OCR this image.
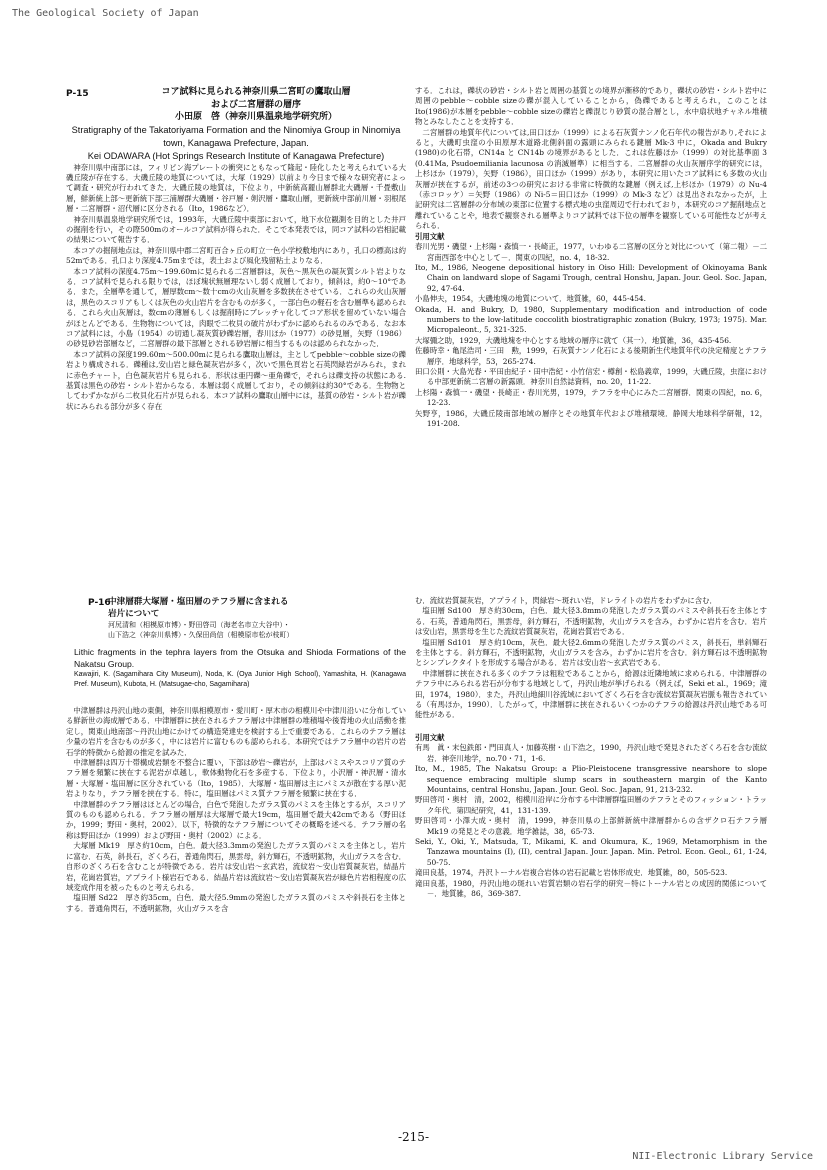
The Geological Society of Japan
P-15	コア試料に見られる神奈川県二宮町の鷹取山層
および二宮層群の層序
小田原　啓（神奈川県温泉地学研究所）
Stratigraphy of the Takatoriyama Formation and the Ninomiya Group in Ninomiya town, Kanagawa Prefecture, Japan.
Kei ODAWARA (Hot Springs Research Institute of Kanagawa Prefecture)

神奈川県中南部には，フィリピン海プレートの衝突にともなって隆起・陸化したと考えられている大磯丘陵が存在する．大磯丘陵の地質については，大塚（1929）以前より今日まで様々な研究者によって調査・研究が行われてきた．大磯丘陵の地質は，下位より，中新統高麗山層群北大磯層・千畳敷山層，鮮新統上部〜更新統下部三浦層群大磯層・谷戸層・剣沢層・鷹取山層，更新統中部前川層・羽根尾層・二宮層群・沼代層に区分される（Ito，1986など）．

神奈川県温泉地学研究所では，1993年，大磯丘陵中東部において，地下水位観測を目的とした井戸の掘削を行い，その際500mのオールコア試料が得られた．そこで本発表では，同コア試料の岩相記載の結果について報告する．

本コアの掘削地点は，神奈川県中郡二宮町百合ヶ丘の町立一色小学校敷地内にあり，孔口の標高は約52mである．孔口より深度4.75mまでは，表土および風化残留粘土よりなる．

本コア試料の深度4.75m〜199.60mに見られる二宮層群は，灰色〜黒灰色の凝灰質シルト岩よりなる．コア試料で見られる限りでは，ほぼ塊状無層理ないし弱く成層しており，傾斜は，約0〜10°である．また，全層準を通して，層厚数cm〜数十cmの火山灰層を多数狭在させている．これらの火山灰層は，黒色のスコリアもしくは灰色の火山岩片を含むものが多く，一部白色の軽石を含む層準も認められる．これら火山灰層は，数cmの薄層もしくは掘削時にブレッチャ化してコア形状を留めていない場合がほとんどである．生物物については，肉眼で二枚貝の破片がわずかに認められるのみである．なお本コア試料には，小島（1954）の切通し凝灰質砂礫岩層，春川ほか（1977）の砂見層，矢野（1986）の砂見砂岩部層など，二宮層群の最下部層とされる砂岩層に相当するものは認められなかった．

本コア試料の深度199.60m〜500.00mに見られる鷹取山層は，主としてpebble〜cobble sizeの礫岩より構成される．礫種は,安山岩と緑色凝灰岩が多く，次いで黒色頁岩と石英閃緑岩がみられ，まれに赤色チャート，白色凝灰岩片も見られる．形状は亜円礫〜亜角礫で，それらは礫支持の状態にある.基質は黒色の砂岩・シルト岩からなる．本層は弱く成層しており，その傾斜は約30°である．生物物としてわずかながら二枚貝化石片が見られる．本コア試料の鷹取山層中には，基質の砂岩・シルト岩が礫状にみられる部分が多く存在

する．これは，礫状の砂岩・シルト岩と周囲の基質との境界が漸移的であり，礫状の砂岩・シルト岩中に周囲のpebble〜cobble sizeの礫が混入していることから，偽礫であると考えられ，このことはIto(1986)が本層をpebble〜cobble sizeの礫岩と礫混じり砂質の混合層とし，水中扇状地チャネル堆積物とみなしたことを支持する．

二宮層群の地質年代については,田口ほか（1999）による石灰質ナンノ化石年代の報告があり,それによると，大磯町虫窪の小田原厚木道路北側斜面の露頭にみられる鍵層 Mk-3 中に，Okada and Bukry (1980)の化石帯，CN14a と CN14b の境界があるとした．これは佐藤ほか（1999）の対比基準面 3 (0.41Ma, Psudoemiliania lacunosa の消滅層準）に相当する．二宮層群の火山灰層序学的研究には，上杉ほか（1979），矢野（1986），田口ほか（1999）があり，本研究に用いたコア試料にも多数の火山灰層が挟在するが，前述の3つの研究における非常に特徴的な鍵層（例えば,上杉ほか（1979）の Nu-4（赤コロッケ）＝矢野（1986）の Ni-5＝田口ほか（1999）の Mk-3 など）は見出されなかったが，上記研究は二宮層群の分布域の東部に位置する標式地の虫窪周辺で行われており，本研究のコア掘削地点と離れていることや，地表で観察される層準よりコア試料では下位の層準を観察している可能性などが考えられる．

引用文献
春川光男・磯望・上杉陽・森慎一・長崎正，1977，いわゆる二宮層の区分と対比について（第二報）－二宮南西部を中心として－．関東の四紀，no. 4，18-32.
Ito, M., 1986, Neogene depositional history in Oiso Hill: Development of Okinoyama Bank Chain on landward slope of Sagami Trough, central Honshu, Japan. Jour. Geol. Soc. Japan, 92, 47-64.
小島伸夫，1954，大磯地塊の地質について．地質雑，60，445-454.
Okada, H. and Bukry, D, 1980, Supplementary modification and introduction of code numbers to the low-latitude coccolith biostratigraphic zonation (Bukry, 1973; 1975). Mar. Micropaleont., 5, 321-325.
大塚彌之助，1929，大磯地塊を中心とする地域の層序に就て（其一）．地質雑，36，435-456.
佐藤時幸・亀尾浩司・三田　勲，1999，石灰質ナンノ化石による後期新生代地質年代の決定精度とテフラ層序．地球科学，53，265-274.
田口公則・大島光春・平田由紀子・田中浩紀・小竹信宏・樽創・松島義章，1999，大磯丘陵，虫窪における中部更新統二宮層の新露頭．神奈川自然誌資料，no. 20，11-22.
上杉陽・森慎一・磯望・長崎正・春川光男，1979，テフラを中心にみた二宮層群．関東の四紀，no. 6，12-23.
矢野亨，1986，大磯丘陵南部地域の層序とその地質年代および堆積環境．静岡大地球科学研報，12，191-208.
P-16
中津層群大塚層・塩田層のテフラ層に含まれる
岩片について
河尻清和（相模原市博）・野田啓司（海老名市立大谷中）・
山下浩之（神奈川県博）・久保田尚信（相模原市松が枝町）
Lithic fragments in the tephra layers from the Otsuka and Shioda Formations of the Nakatsu Group.
Kawajiri, K. (Sagamihara City Museum), Noda, K. (Oya Junior High School), Yamashita, H. (Kanagawa Pref. Museum), Kubota, H. (Matsugae-cho, Sagamihara)

中津層群は丹沢山地の東側，神奈川県相模原市・愛川町・厚木市の相模川や中津川沿いに分布している鮮新世の海成層である．中津層群に挟在されるテフラ層は中津層群の堆積場や後背地の火山活動を推定し，関東山地南部〜丹沢山地にかけての構造発達史を検討する上で重要である．これらのテフラ層は少量の岩片を含むものが多く，中には岩片に富むものも認められる．本研究ではテフラ層中の岩片の岩石学的特徴から給源の推定を試みた．

中津層群は四万十帯構成岩類を不整合に覆い，下部は砂岩〜礫岩が，上部はパミスやスコリア質のテフラ層を頻繁に挟在する泥岩が卓越し，軟体動物化石を多産する．下位より，小沢層・神沢層・清水層・大塚層・塩田層に区分されている（Ito，1985）．大塚層・塩田層は主にパミスが散在する厚い泥岩よりなり，テフラ層を挟在する．特に，塩田層はパミス質テフラ層を頻繁に挟在する．

中津層群のテフラ層はほとんどの場合，白色で発泡したガラス質のパミスを主体とするが，スコリア質のものも認められる．テフラ層の層厚は大塚層で最大19cm，塩田層で最大42cmである（野田ほか，1999；野田・奥村，2002）．以下，特徴的なテフラ層についてその概略を述べる．テフラ層の名称は野田ほか（1999）および野田・奥村（2002）による．

大塚層 Mk19　厚さ約10cm，白色．最大径3.3mmの発泡したガラス質のパミスを主体とし，岩片に富む．石英，斜長石，ざくろ石，普通角閃石，黒雲母，斜方輝石，不透明鉱物，火山ガラスを含む．自形のざくろ石を含むことが特徴である．岩片は安山岩〜玄武岩，流紋岩〜安山岩質凝灰岩，結晶片岩，花崗岩質岩，アプライト様岩石である．結晶片岩は流紋岩〜安山岩質凝灰岩が緑色片岩相程度の広域変成作用を被ったものと考えられる．

塩田層 Sd22　厚さ約35cm，白色．最大径5.9mmの発泡したガラス質のパミスや斜長石を主体とする．普通角閃石，不透明鉱物，火山ガラスを含

む．流紋岩質凝灰岩，アプライト，閃緑岩〜斑れい岩，ドレライトの岩片をわずかに含む．

塩田層 Sd100　厚さ約30cm，白色．最大径3.8mmの発泡したガラス質のパミスや斜長石を主体とする．石英，普通角閃石，黒雲母，斜方輝石，不透明鉱物，火山ガラスを含み，わずかに岩片を含む．岩片は安山岩，黒雲母を生じた流紋岩質凝灰岩，花崗岩質岩である．

塩田層 Sd101　厚さ約10cm，灰色．最大径2.6mmの発泡したガラス質のパミス，斜長石，単斜輝石を主体とする．斜方輝石，不透明鉱物，火山ガラスを含み，わずかに岩片を含む．斜方輝石は不透明鉱物とシンプレクタイトを形成する場合がある．岩片は安山岩〜玄武岩である．

中津層群に挟在される多くのテフラは粗粒であることから，給源は近隣地域に求められる．中津層群のテフラ中にみられる岩石が分布する地域として，丹沢山地が挙げられる（例えば，Seki et al.，1969；滝田，1974，1980）．また，丹沢山地細川谷流域においてざくろ石を含む流紋岩質凝灰岩脈も報告されている（有馬ほか，1990）．したがって，中津層群に挟在されるいくつかのテフラの給源は丹沢山地である可能性がある．

引用文献
有馬　眞・末包鉄郎・門田真人・加藤英樹・山下浩之，1990，丹沢山地で発見されたざくろ石を含む流紋岩．神奈川地学，no.70・71，1-6.
Ito, M., 1985, The Nakatsu Group: a Plio-Pleistocene transgressive nearshore to slope sequence embracing multiple slump scars in southeastern margin of the Kanto Mountains, central Honshu, Japan. Jour. Geol. Soc. Japan, 91, 213-232.
野田啓司・奥村　清，2002，相模川沿岸に分布する中津層群塩田層のテフラとそのフィッション・トラック年代．第四紀研究，41，131-139.
野田啓司・小澤大成・奥村　清，1999，神奈川県の上部鮮新統中津層群からの含ザクロ石テフラ層 Mk19 の発見とその意義．地学雑誌，38，65-73.
Seki, Y., Oki, Y., Matsuda, T., Mikami, K. and Okumura, K., 1969, Metamorphism in the Tanzawa mountains (I), (II), central Japan. Jour. Japan. Min. Petrol. Econ. Geol., 61, 1-24, 50-75.
滝田良基，1974，丹沢トーナル岩複合岩体の岩石記載と岩体形成史．地質雑，80，505-523.
滝田良基，1980，丹沢山地の斑れい岩質岩類の岩石学的研究－特にトーナル岩との成因的関係について－．地質雑，86，369-387.
-215-
NII-Electronic Library Service
